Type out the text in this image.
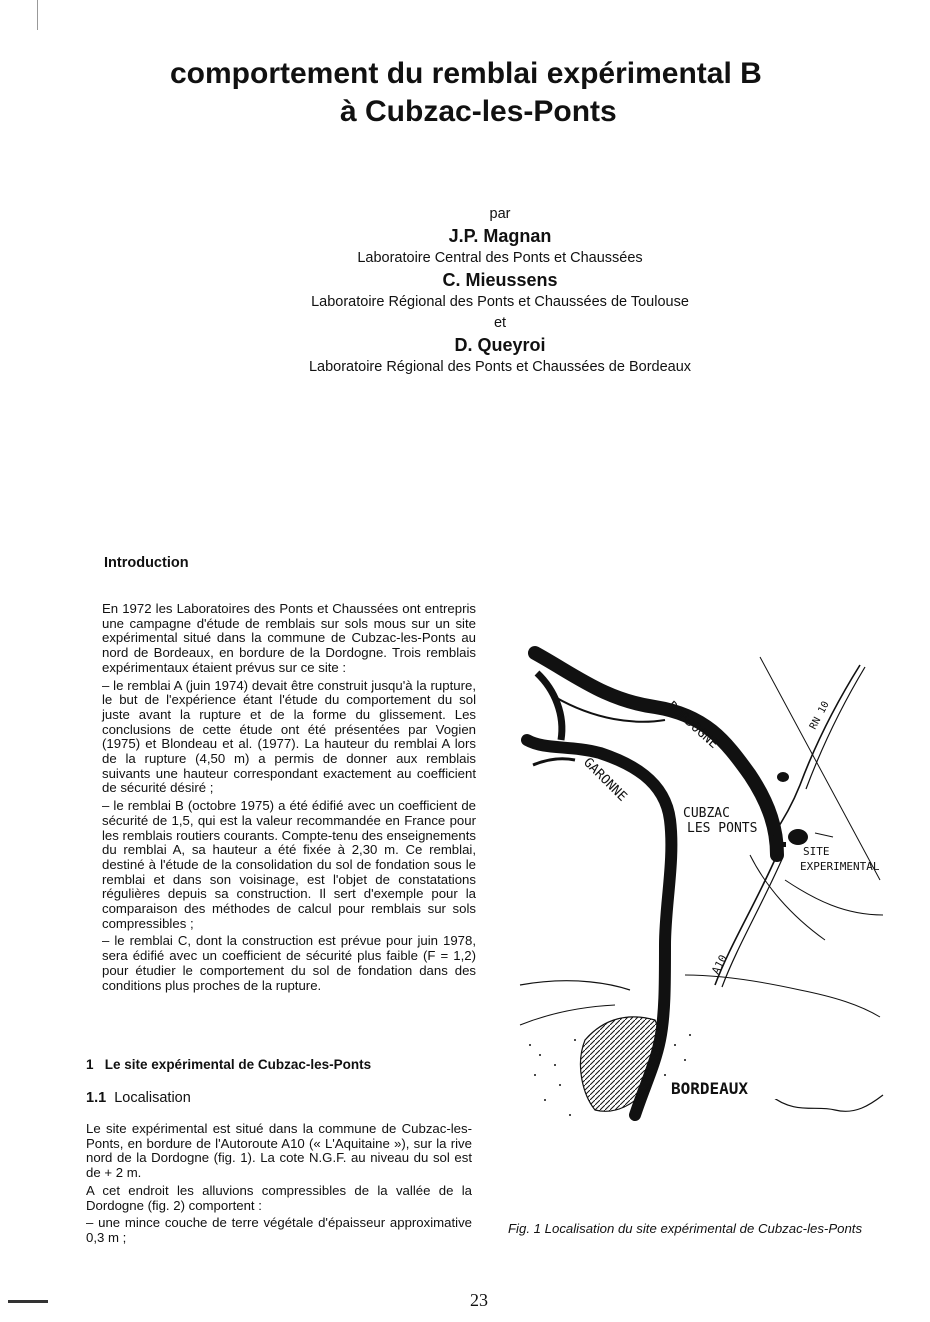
comportement du remblai expérimental B
à Cubzac-les-Ponts
par
J.P. Magnan
Laboratoire Central des Ponts et Chaussées
C. Mieussens
Laboratoire Régional des Ponts et Chaussées de Toulouse
et
D. Queyroi
Laboratoire Régional des Ponts et Chaussées de Bordeaux
Introduction

En 1972 les Laboratoires des Ponts et Chaussées ont entrepris une campagne d'étude de remblais sur sols mous sur un site expérimental situé dans la commune de Cubzac-les-Ponts au nord de Bordeaux, en bordure de la Dordogne. Trois remblais expérimentaux étaient prévus sur ce site :

– le remblai A (juin 1974) devait être construit jusqu'à la rupture, le but de l'expérience étant l'étude du comportement du sol juste avant la rupture et de la forme du glissement. Les conclusions de cette étude ont été présentées par Vogien (1975) et Blondeau et al. (1977). La hauteur du remblai A lors de la rupture (4,50 m) a permis de donner aux remblais suivants une hauteur correspondant exactement au coefficient de sécurité désiré ;

– le remblai B (octobre 1975) a été édifié avec un coefficient de sécurité de 1,5, qui est la valeur recommandée en France pour les remblais routiers courants. Compte-tenu des enseignements du remblai A, sa hauteur a été fixée à 2,30 m. Ce remblai, destiné à l'étude de la consolidation du sol de fondation sous le remblai et dans son voisinage, est l'objet de constatations régulières depuis sa construction. Il sert d'exemple pour la comparaison des méthodes de calcul pour remblais sur sols compressibles ;

– le remblai C, dont la construction est prévue pour juin 1978, sera édifié avec un coefficient de sécurité plus faible (F = 1,2) pour étudier le comportement du sol de fondation dans des conditions plus proches de la rupture.

1 Le site expérimental de Cubzac-les-Ponts
1.1 Localisation

Le site expérimental est situé dans la commune de Cubzac-les-Ponts, en bordure de l'Autoroute A10 (« L'Aquitaine »), sur la rive nord de la Dordogne (fig. 1). La cote N.G.F. au niveau du sol est de + 2 m.

A cet endroit les alluvions compressibles de la vallée de la Dordogne (fig. 2) comportent :

– une mince couche de terre végétale d'épaisseur approximative 0,3 m ;

DORDOGNE
GARONNE
CUBZAC
LES PONTS
SITE
EXPERIMENTAL
RN 10
A10
BORDEAUX
Fig. 1 Localisation du site expérimental de Cubzac-les-Ponts
23
